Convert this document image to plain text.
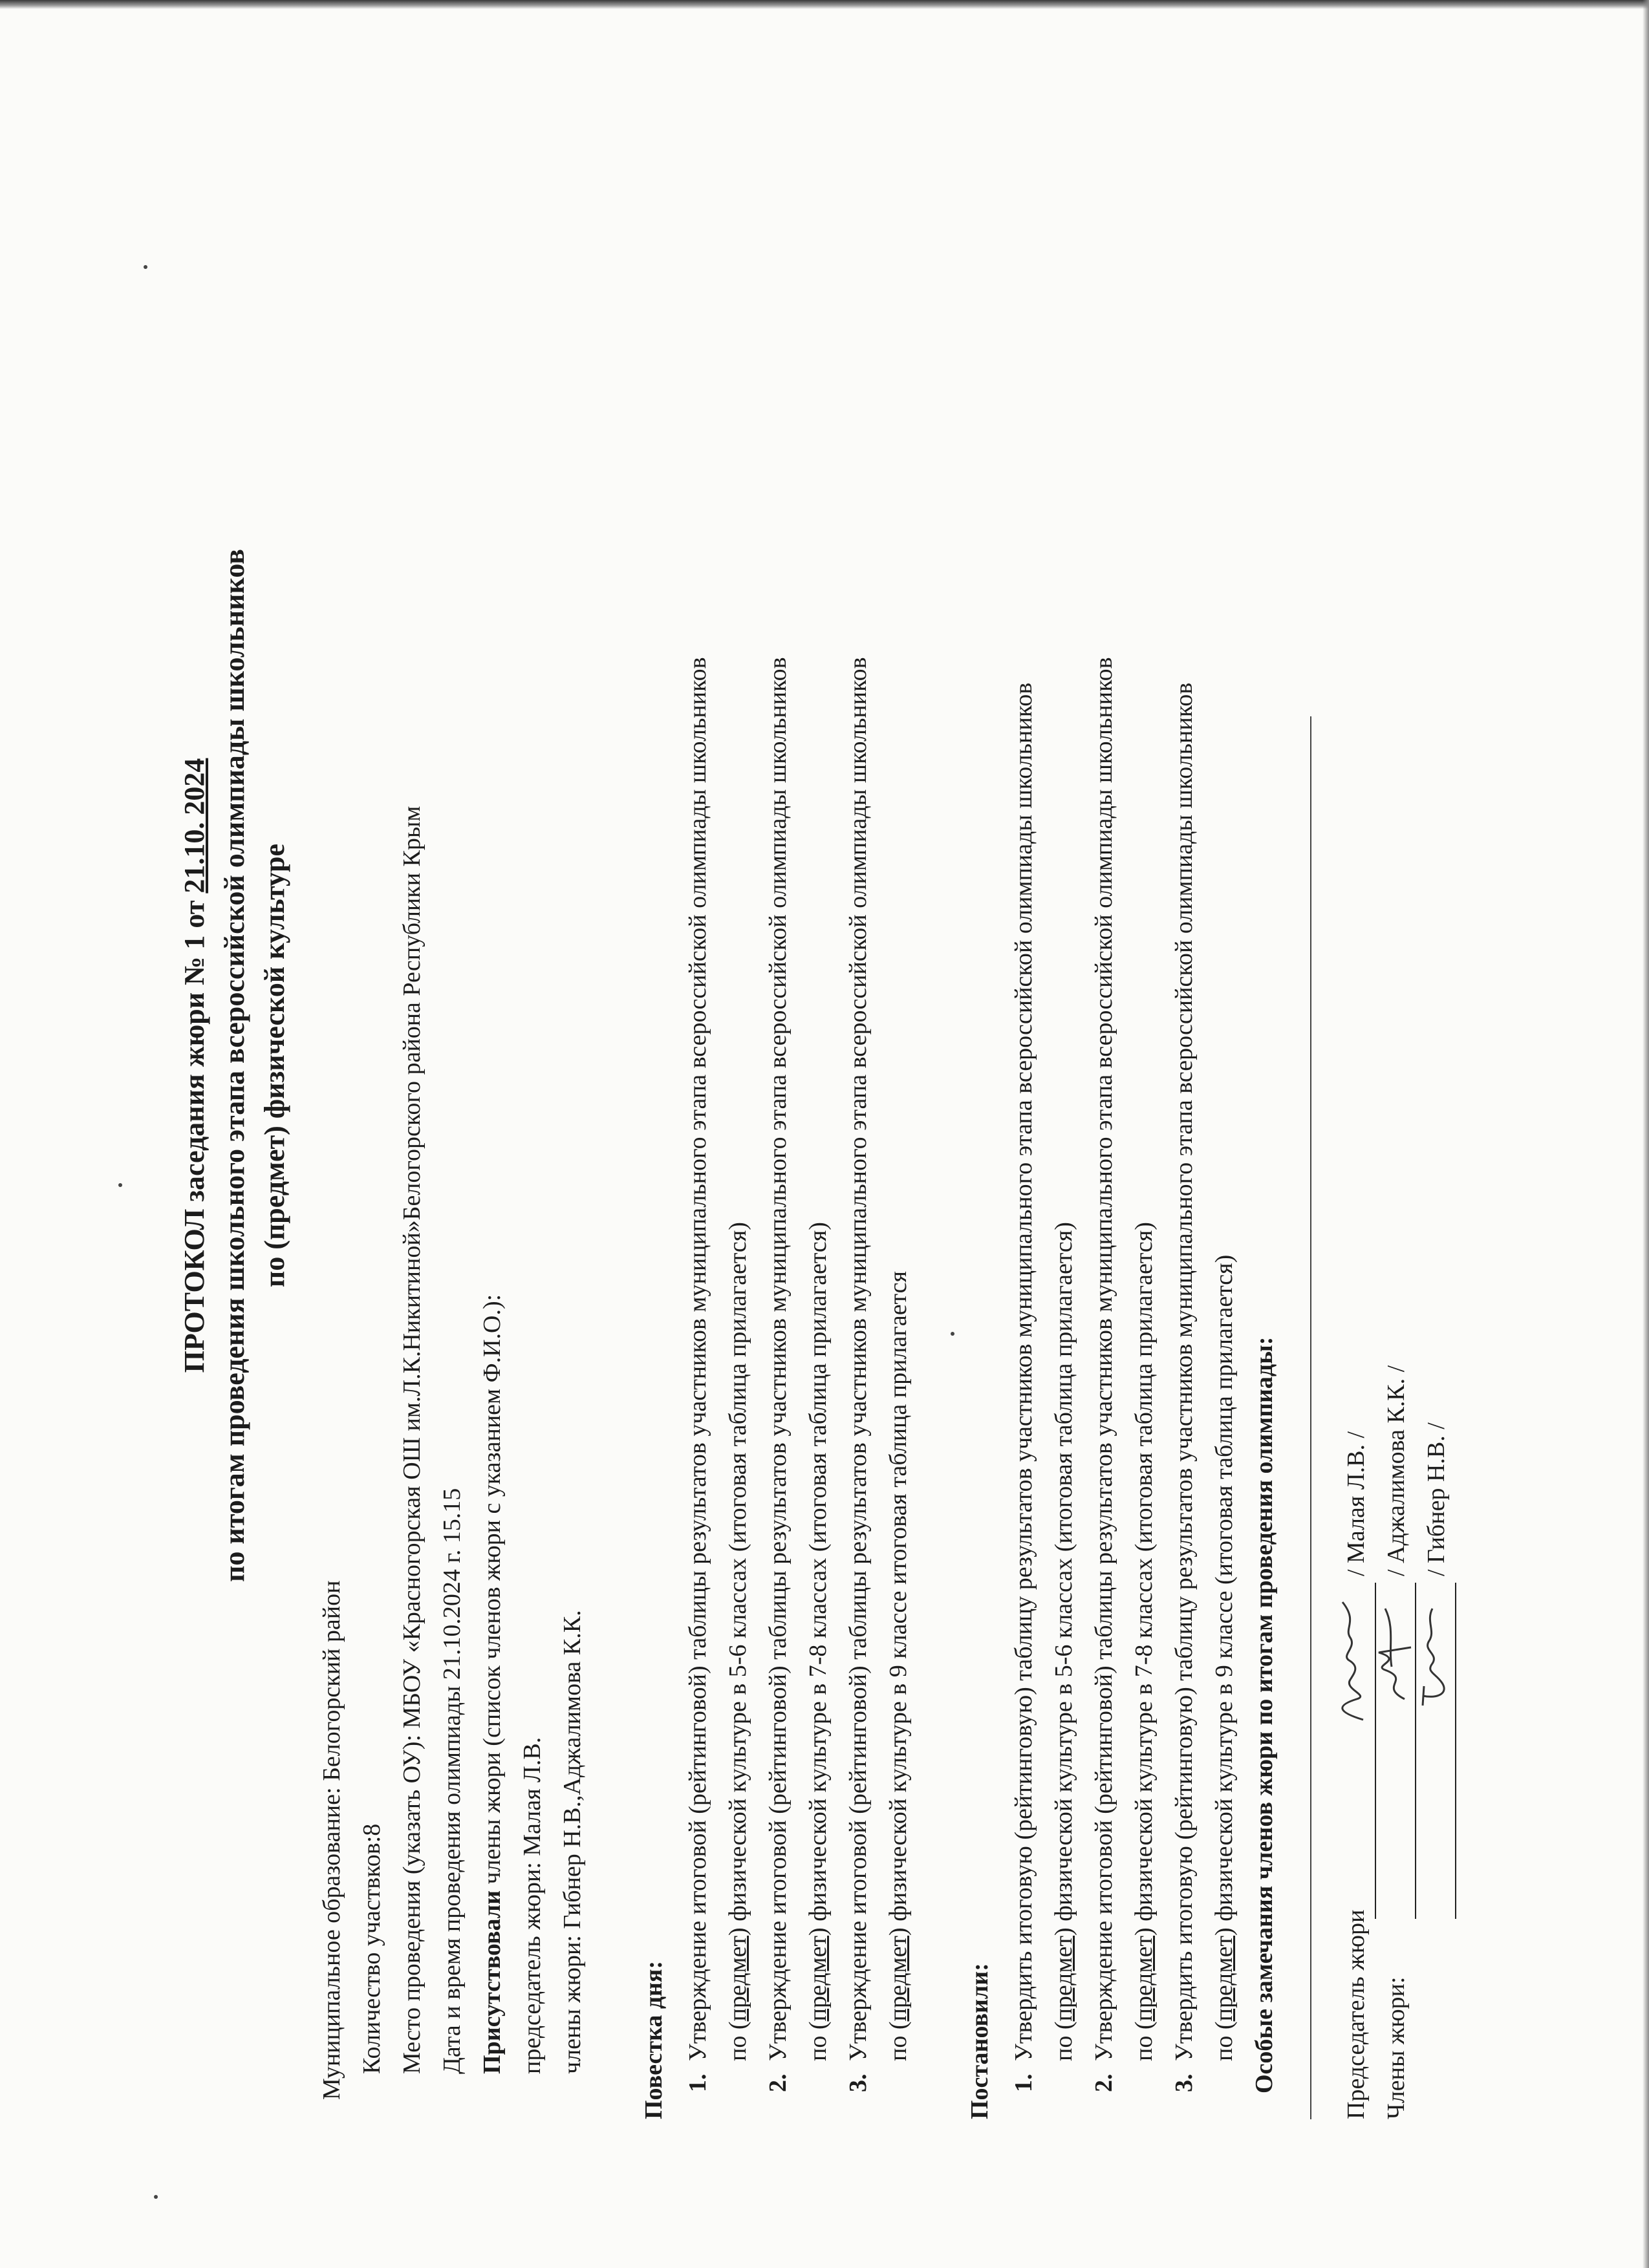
ПРОТОКОЛ заседания жюри № 1 от 21.10. 2024 по итогам проведения школьного этапа всероссийской олимпиады школьников по (предмет) физической культуре

Муниципальное образование: Белогорский район Количество участвков:8 Место проведения (указать ОУ): МБОУ «Красногорская ОШ им.Л.К.Никитиной»Белогорского района Республики Крым Дата и время проведения олимпиады 21.10.2024 г. 15.15 Присутствовали члены жюри (список членов жюри с указанием Ф.И.О.):

председатель жюри: Малая Л.В. члены жюри: Гибнер Н.В.,Аджалимова К.К. Повестка дня: 1. Утверждение итоговой (рейтинговой) таблицы результатов участников муниципального этапа всероссийской олимпиады школьников по (предмет) физической культуре в 5-6 классах (итоговая таблица прилагается) 2. Утверждение итоговой (рейтинговой) таблицы результатов участников муниципального этапа всероссийской олимпиады школьников по (предмет) физической культуре в 7-8 классах (итоговая таблица прилагается) 3. Утверждение итоговой (рейтинговой) таблицы результатов участников муниципального этапа всероссийской олимпиады школьников по (предмет) физической культуре в 9 классе итоговая таблица прилагается

Постановили: 1. Утвердить итоговую (рейтинговую) таблицу результатов участников муниципального этапа всероссийской олимпиады школьников по (предмет) физической культуре в 5-6 классах (итоговая таблица прилагается) 2. Утверждение итоговой (рейтинговой) таблицы результатов участников муниципального этапа всероссийской олимпиады школьников по (предмет) физической культуре в 7-8 классах (итоговая таблица прилагается) 3. Утвердить итоговую (рейтинговую) таблицу результатов участников муниципального этапа всероссийской олимпиады школьников по (предмет) физической культуре в 9 классе (итоговая таблица прилагается) Особые замечания членов жюри по итогам проведения олимпиады:	Председатель жюри
/ Малая Л.В. /
Члены жюри:
/ Аджалимова К.К. / / Гибнер Н.В. /
